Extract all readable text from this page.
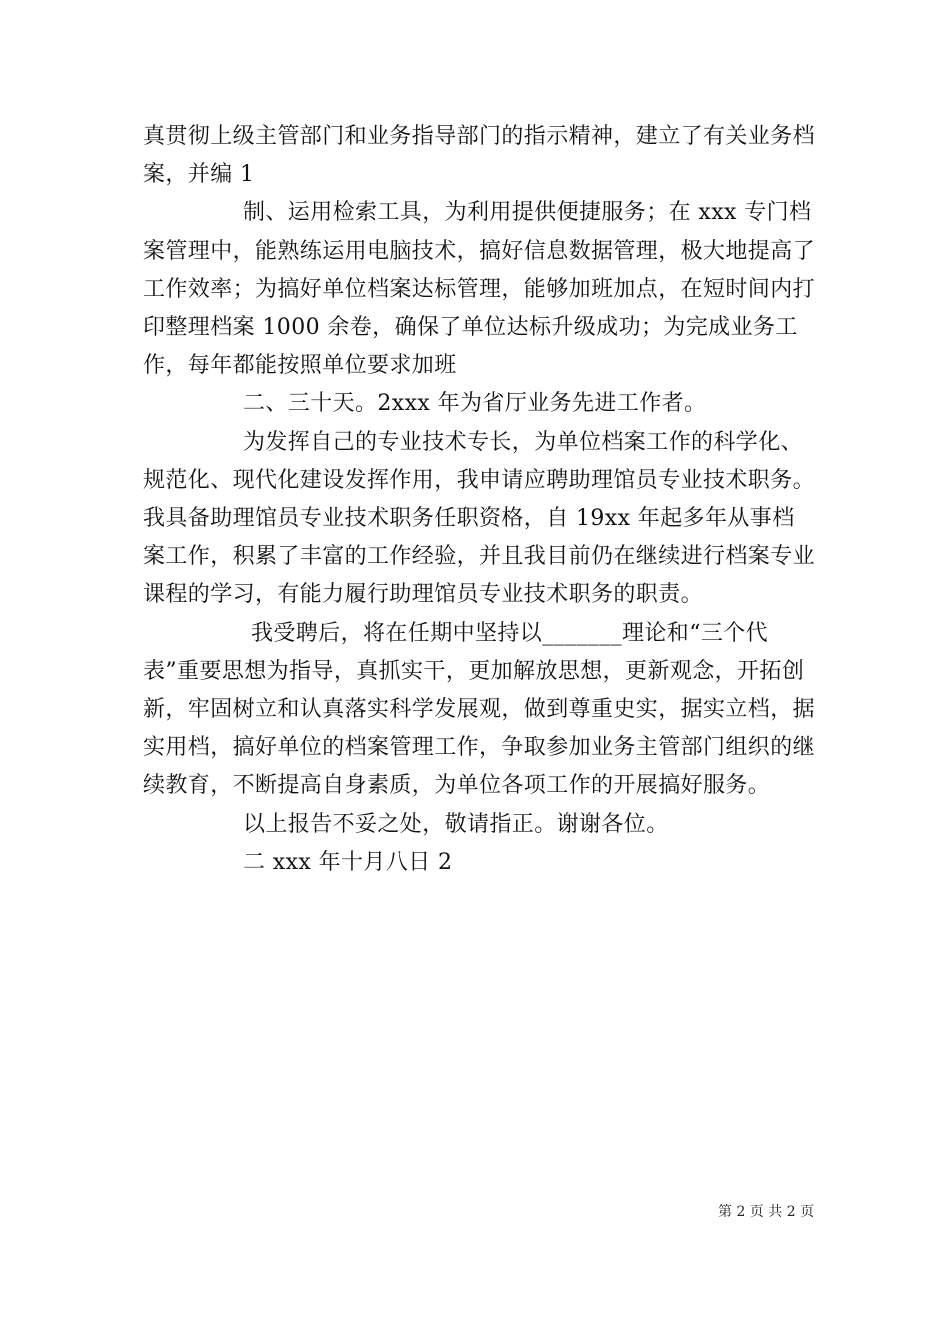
真贯彻上级主管部门和业务指导部门的指示精神，建立了有关业务档案，并编 1

制、运用检索工具，为利用提供便捷服务；在 xxx 专门档案管理中，能熟练运用电脑技术，搞好信息数据管理，极大地提高了工作效率；为搞好单位档案达标管理，能够加班加点，在短时间内打印整理档案 1000 余卷，确保了单位达标升级成功；为完成业务工作，每年都能按照单位要求加班

二、三十天。2xxx 年为省厅业务先进工作者。

为发挥自己的专业技术专长，为单位档案工作的科学化、规范化、现代化建设发挥作用，我申请应聘助理馆员专业技术职务。我具备助理馆员专业技术职务任职资格，自 19xx 年起多年从事档案工作，积累了丰富的工作经验，并且我目前仍在继续进行档案专业课程的学习，有能力履行助理馆员专业技术职务的职责。

我受聘后，将在任期中坚持以_______理论和“三个代表”重要思想为指导，真抓实干，更加解放思想，更新观念，开拓创新，牢固树立和认真落实科学发展观，做到尊重史实，据实立档，据实用档，搞好单位的档案管理工作，争取参加业务主管部门组织的继续教育，不断提高自身素质，为单位各项工作的开展搞好服务。

以上报告不妥之处，敬请指正。谢谢各位。

二 xxx 年十月八日 2

第 2 页 共 2 页
